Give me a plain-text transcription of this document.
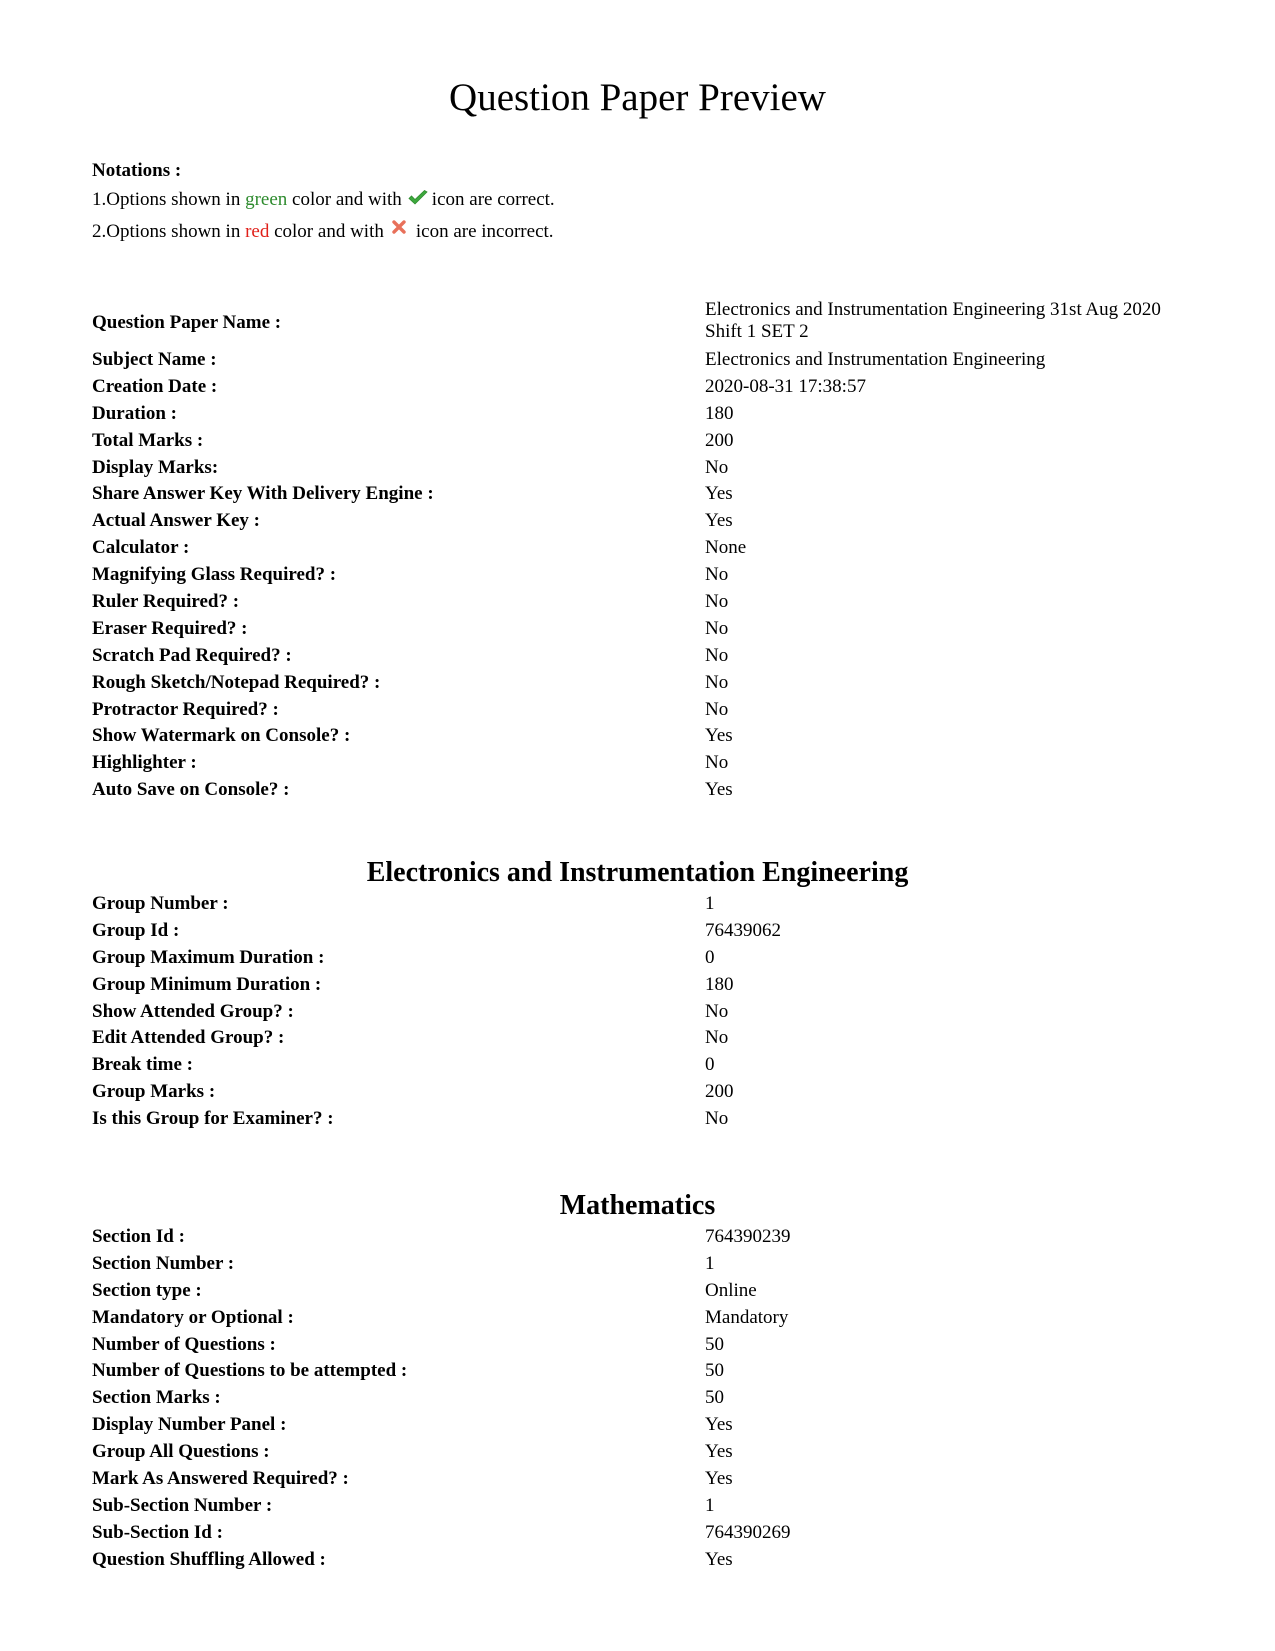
Question Paper Preview
Notations :
1.Options shown in green color and with icon are correct.
2.Options shown in red color and with icon are incorrect.
Question Paper Name :
Electronics and Instrumentation Engineering 31st Aug 2020 Shift 1 SET 2
Subject Name :	Electronics and Instrumentation Engineering
Creation Date :	2020-08-31 17:38:57
Duration :	180
Total Marks :	200
Display Marks:	No
Share Answer Key With Delivery Engine :	Yes
Actual Answer Key :	Yes
Calculator :	None
Magnifying Glass Required? :	No
Ruler Required? :	No
Eraser Required? :	No
Scratch Pad Required? :	No
Rough Sketch/Notepad Required? :	No
Protractor Required? :	No
Show Watermark on Console? :	Yes
Highlighter :	No
Auto Save on Console? :	Yes
Electronics and Instrumentation Engineering
Group Number :	1
Group Id :	76439062
Group Maximum Duration :	0
Group Minimum Duration :	180
Show Attended Group? :	No
Edit Attended Group? :	No
Break time :	0
Group Marks :	200
Is this Group for Examiner? :	No
Mathematics
Section Id :	764390239
Section Number :	1
Section type :	Online
Mandatory or Optional :	Mandatory
Number of Questions :	50
Number of Questions to be attempted :	50
Section Marks :	50
Display Number Panel :	Yes
Group All Questions :	Yes
Mark As Answered Required? :	Yes
Sub-Section Number :	1
Sub-Section Id :	764390269
Question Shuffling Allowed :	Yes
